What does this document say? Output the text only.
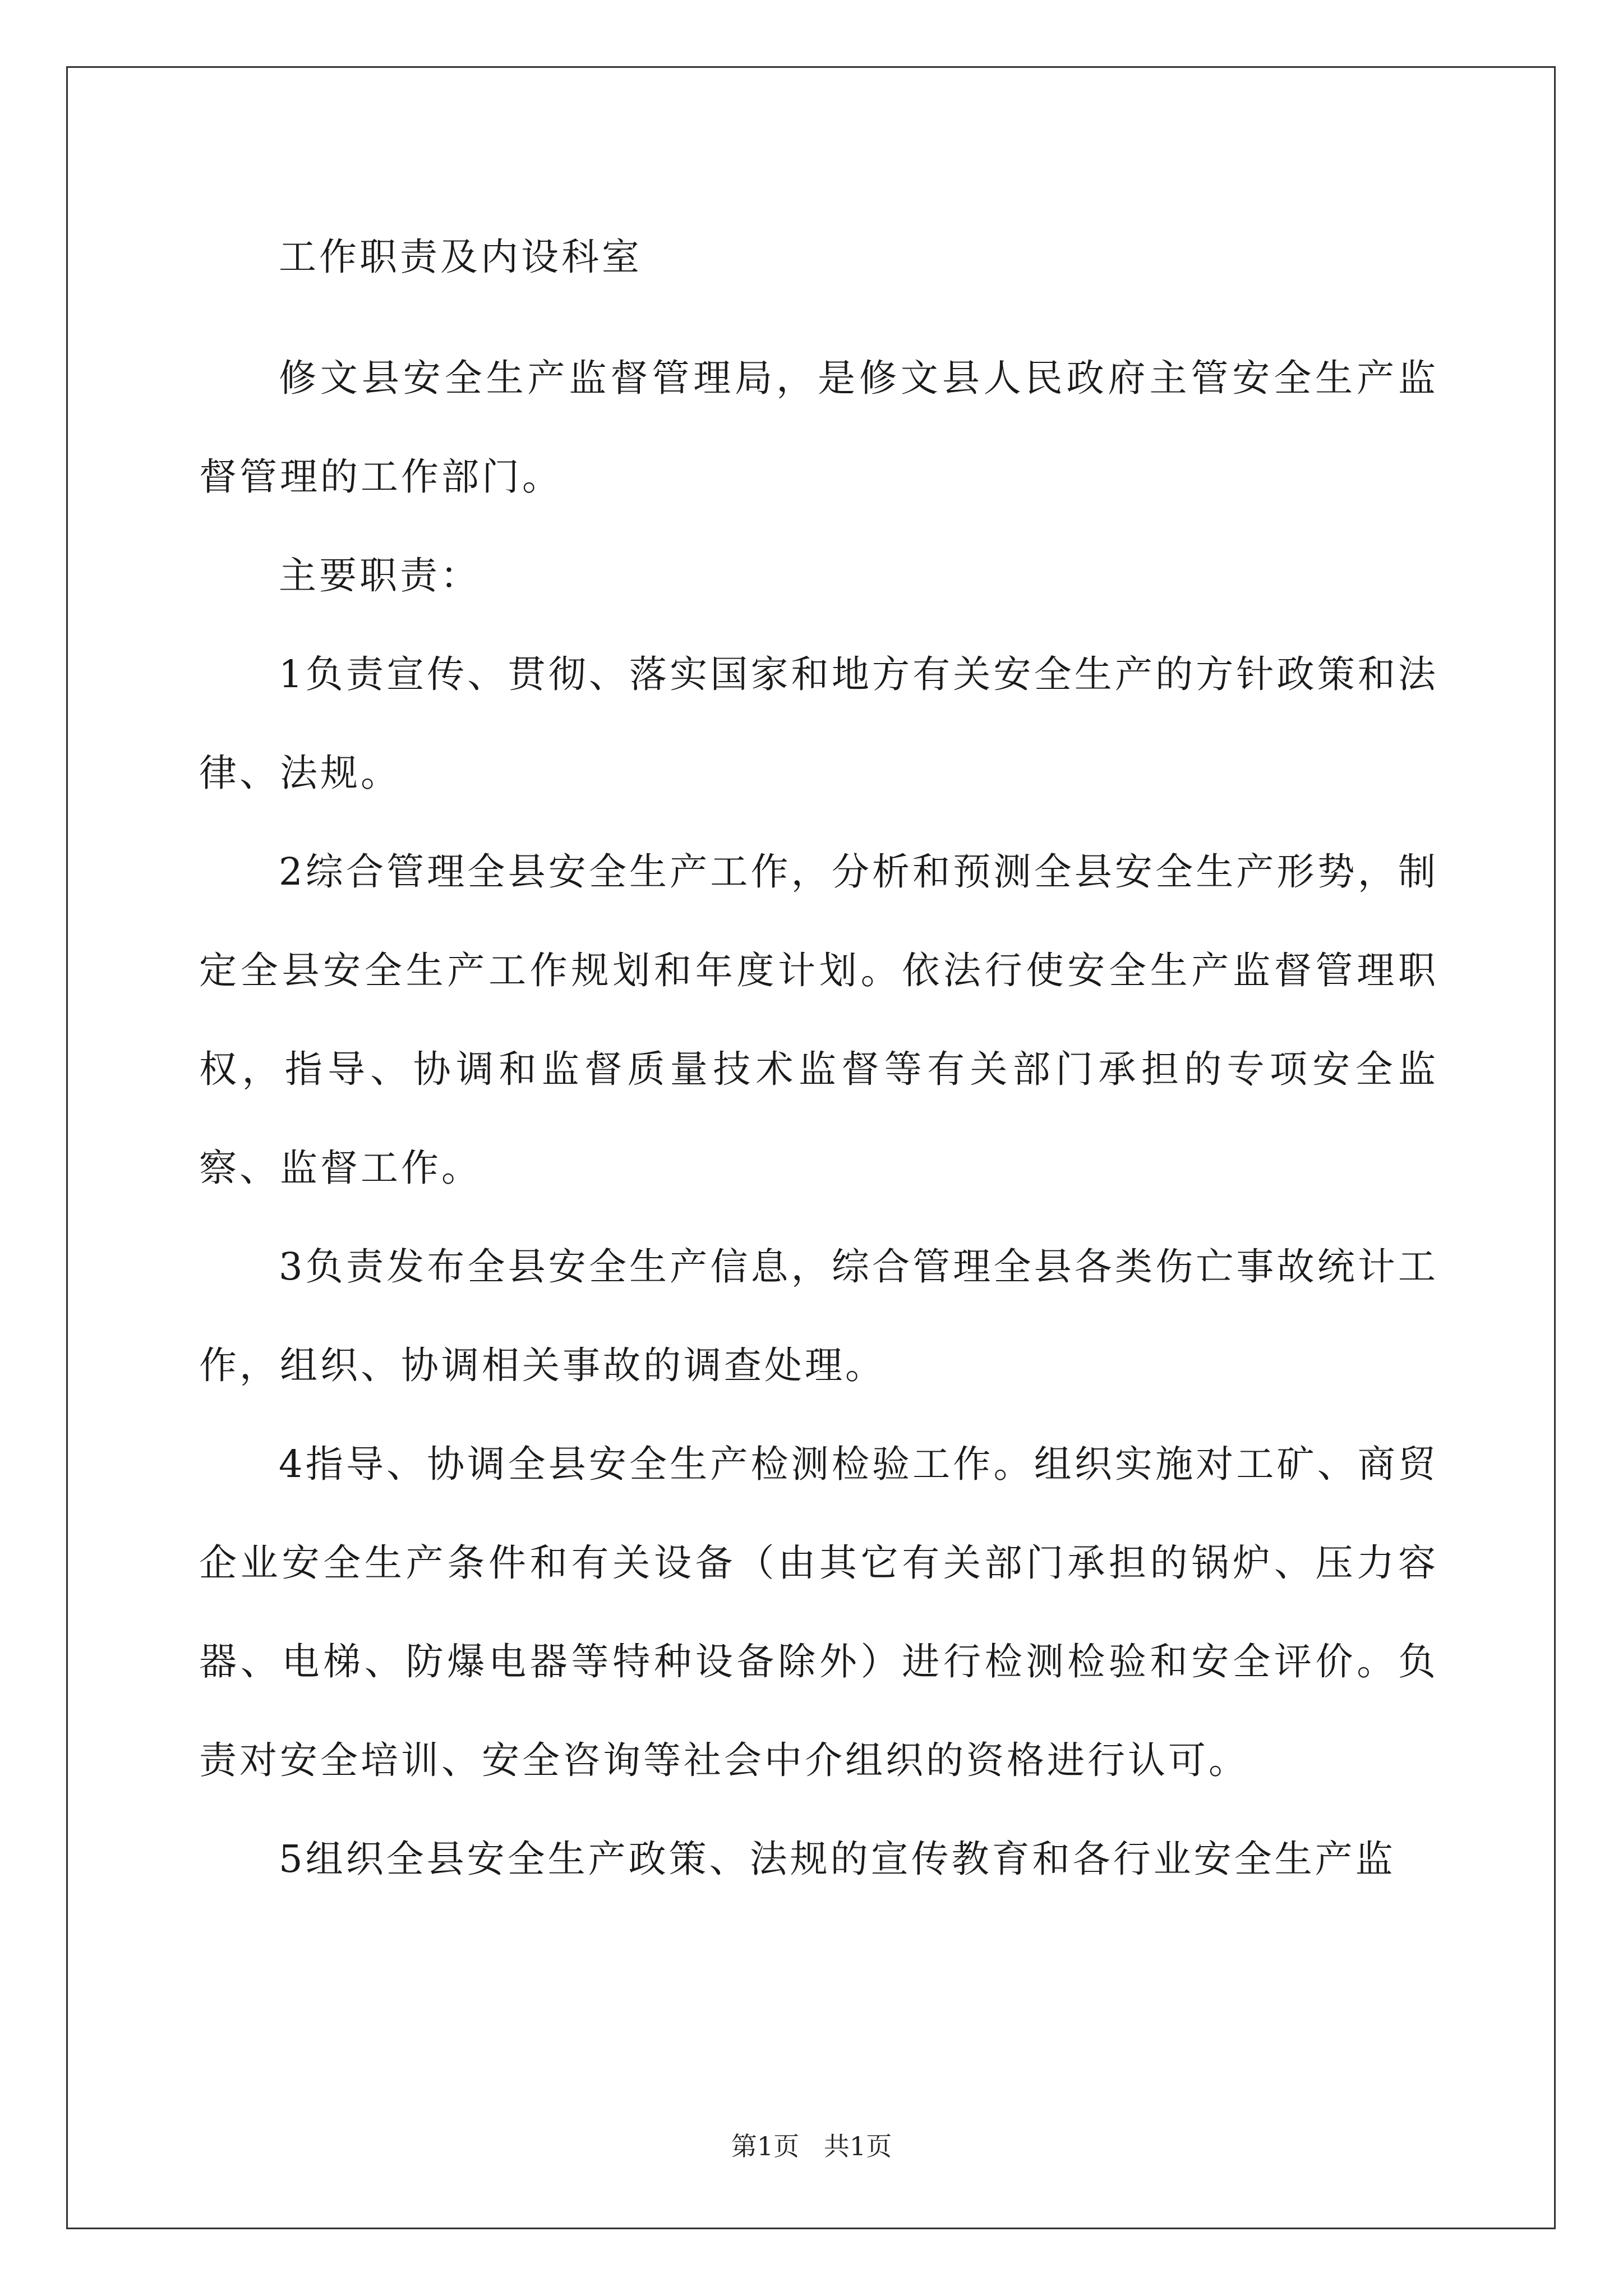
工作职责及内设科室

修文县安全生产监督管理局，是修文县人民政府主管安全生产监督管理的工作部门。

主要职责：

1负责宣传、贯彻、落实国家和地方有关安全生产的方针政策和法律、法规。

2综合管理全县安全生产工作，分析和预测全县安全生产形势，制定全县安全生产工作规划和年度计划。依法行使安全生产监督管理职权，指导、协调和监督质量技术监督等有关部门承担的专项安全监察、监督工作。

3负责发布全县安全生产信息，综合管理全县各类伤亡事故统计工作，组织、协调相关事故的调查处理。

4指导、协调全县安全生产检测检验工作。组织实施对工矿、商贸企业安全生产条件和有关设备（由其它有关部门承担的锅炉、压力容器、电梯、防爆电器等特种设备除外）进行检测检验和安全评价。负责对安全培训、安全咨询等社会中介组织的资格进行认可。

5组织全县安全生产政策、法规的宣传教育和各行业安全生产监

第1页   共1页
